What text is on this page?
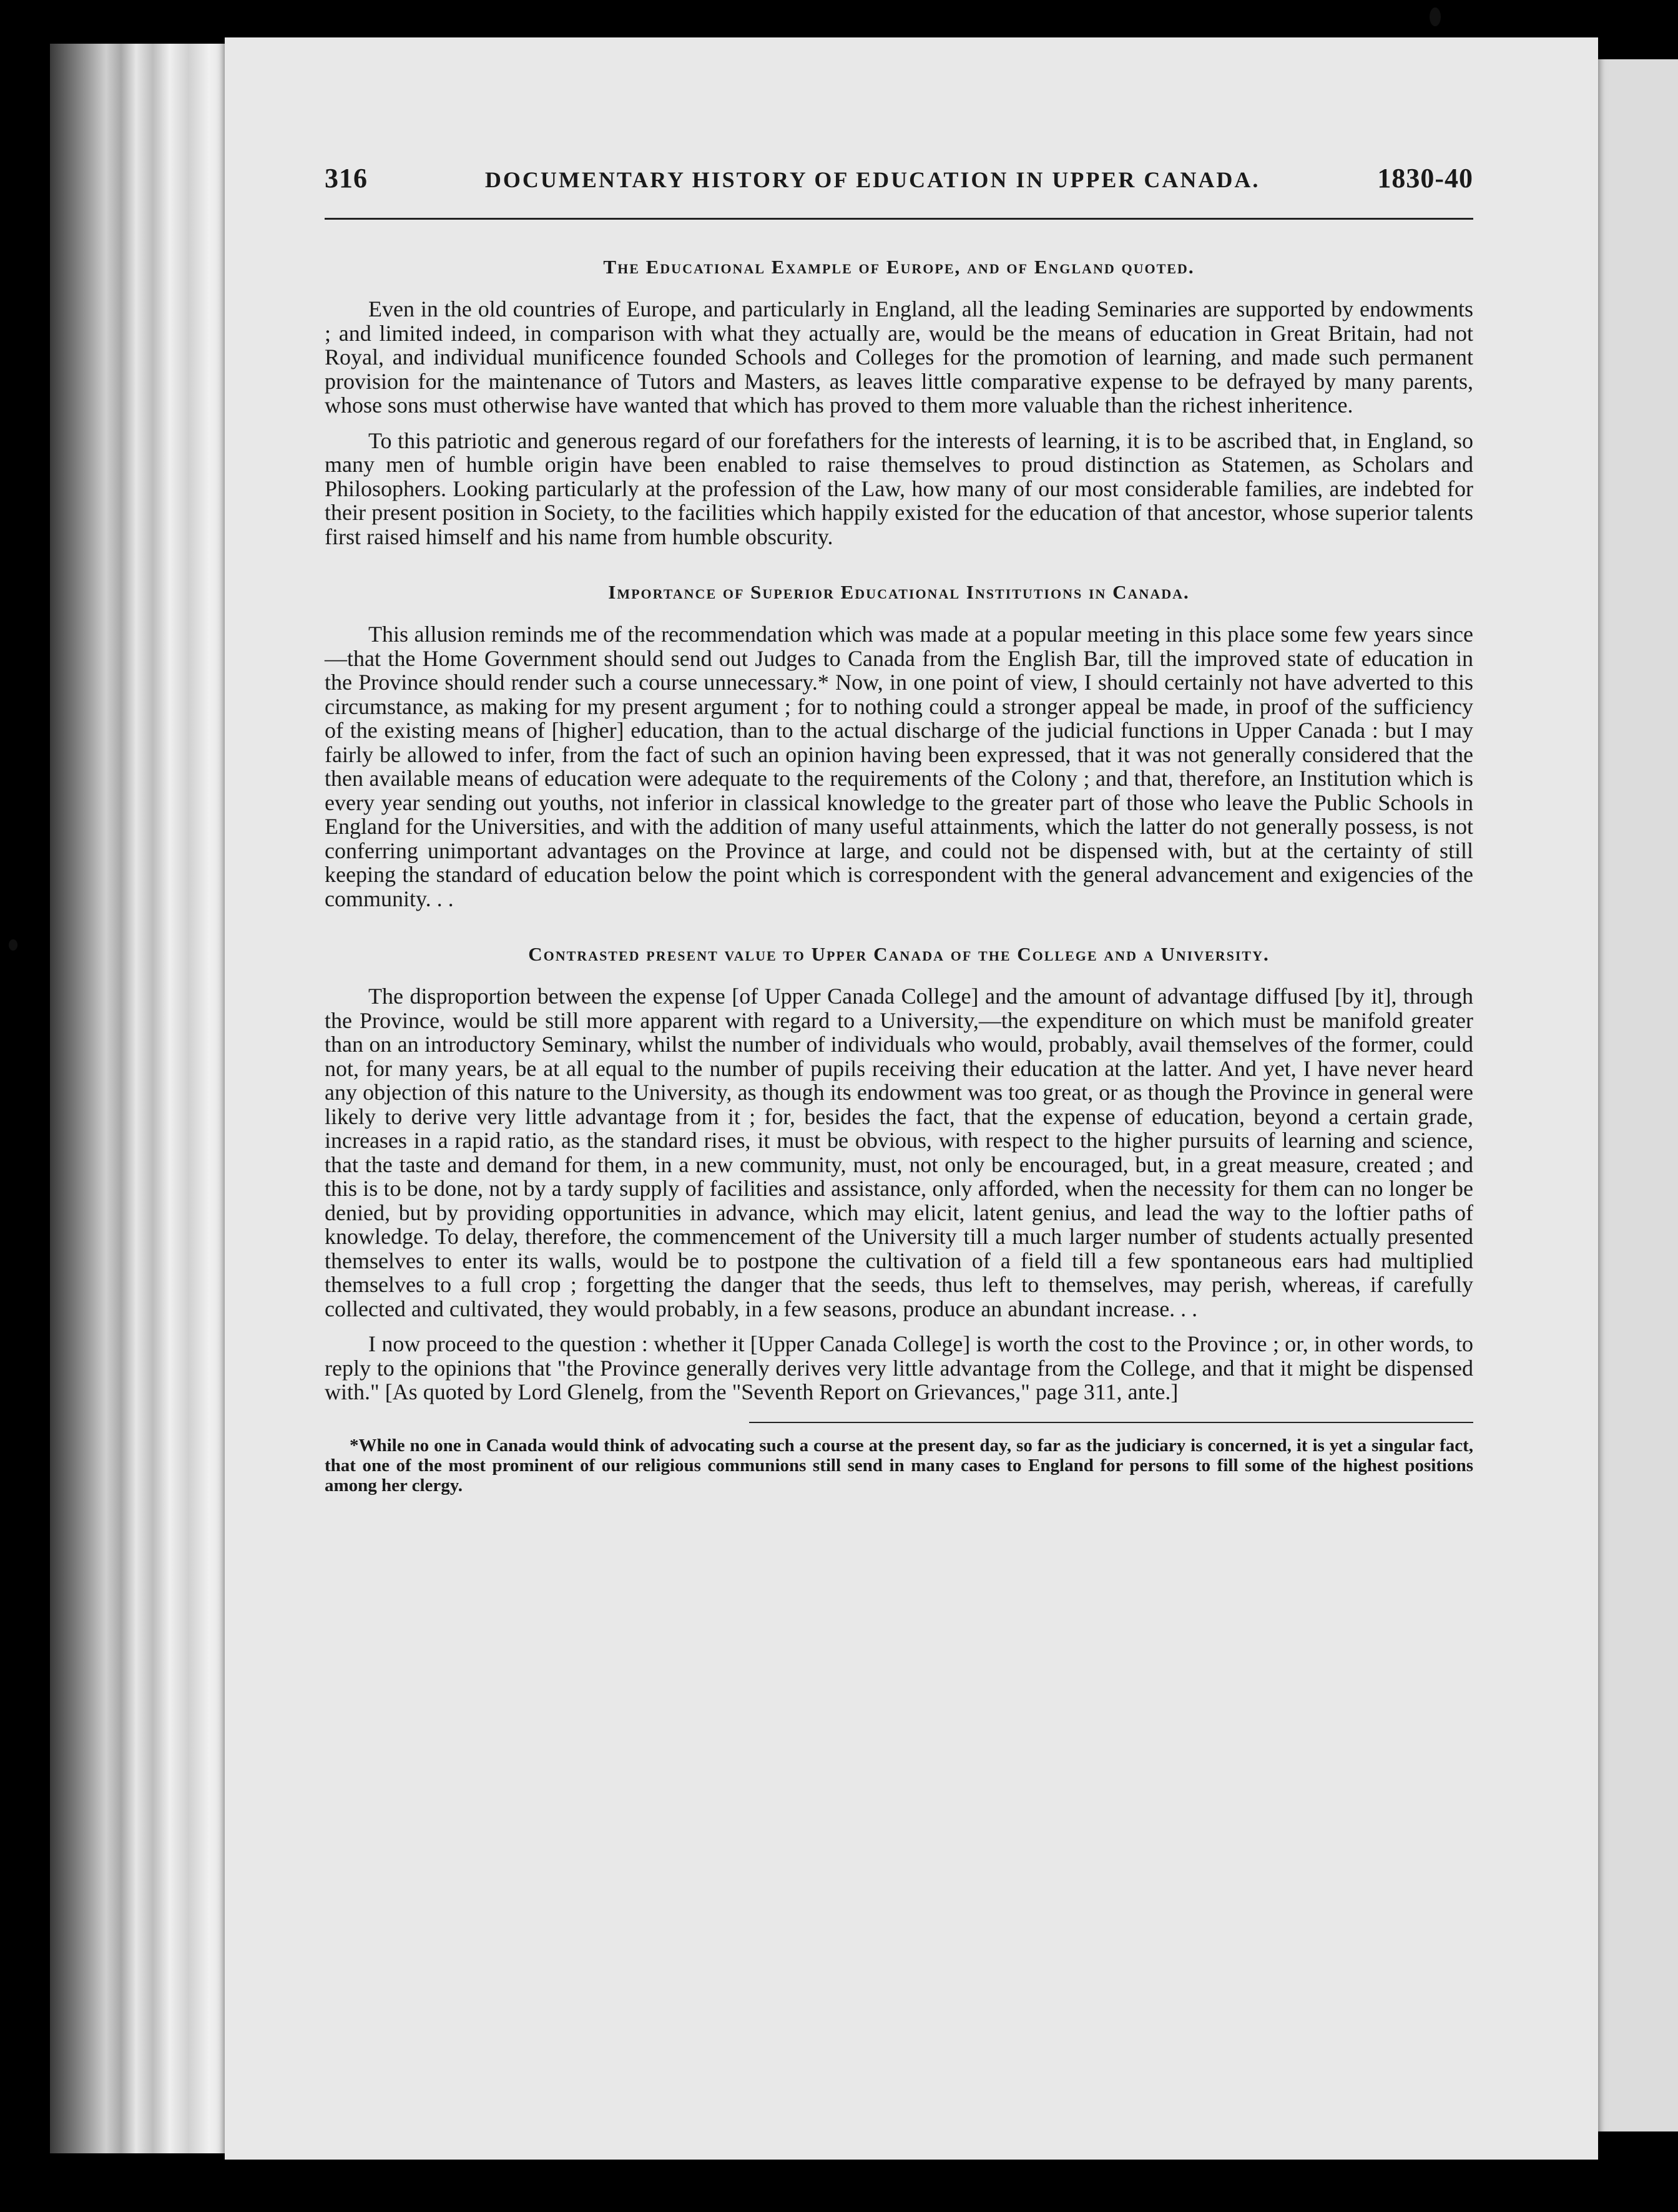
316	DOCUMENTARY HISTORY OF EDUCATION IN UPPER CANADA.	1830-40
The Educational Example of Europe, and of England quoted.

Even in the old countries of Europe, and particularly in England, all the leading Seminaries are supported by endowments ; and limited indeed, in comparison with what they actually are, would be the means of education in Great Britain, had not Royal, and individual munificence founded Schools and Colleges for the promotion of learning, and made such permanent provision for the maintenance of Tutors and Masters, as leaves little comparative expense to be defrayed by many parents, whose sons must otherwise have wanted that which has proved to them more valuable than the richest inheritence.

To this patriotic and generous regard of our forefathers for the interests of learning, it is to be ascribed that, in England, so many men of humble origin have been enabled to raise themselves to proud distinction as Statemen, as Scholars and Philosophers. Looking particularly at the profession of the Law, how many of our most considerable families, are indebted for their present position in Society, to the facilities which happily existed for the education of that ancestor, whose superior talents first raised himself and his name from humble obscurity.

Importance of Superior Educational Institutions in Canada.

This allusion reminds me of the recommendation which was made at a popular meeting in this place some few years since—that the Home Government should send out Judges to Canada from the English Bar, till the improved state of education in the Province should render such a course unnecessary.* Now, in one point of view, I should certainly not have adverted to this circumstance, as making for my present argument ; for to nothing could a stronger appeal be made, in proof of the sufficiency of the existing means of [higher] education, than to the actual discharge of the judicial functions in Upper Canada : but I may fairly be allowed to infer, from the fact of such an opinion having been expressed, that it was not generally considered that the then available means of education were adequate to the requirements of the Colony ; and that, therefore, an Institution which is every year sending out youths, not inferior in classical knowledge to the greater part of those who leave the Public Schools in England for the Universities, and with the addition of many useful attainments, which the latter do not generally possess, is not conferring unimportant advantages on the Province at large, and could not be dispensed with, but at the certainty of still keeping the standard of education below the point which is correspondent with the general advancement and exigencies of the community. . .

Contrasted present value to Upper Canada of the College and a University.

The disproportion between the expense [of Upper Canada College] and the amount of advantage diffused [by it], through the Province, would be still more apparent with regard to a University,—the expenditure on which must be manifold greater than on an introductory Seminary, whilst the number of individuals who would, probably, avail themselves of the former, could not, for many years, be at all equal to the number of pupils receiving their education at the latter. And yet, I have never heard any objection of this nature to the University, as though its endowment was too great, or as though the Province in general were likely to derive very little advantage from it ; for, besides the fact, that the expense of education, beyond a certain grade, increases in a rapid ratio, as the standard rises, it must be obvious, with respect to the higher pursuits of learning and science, that the taste and demand for them, in a new community, must, not only be encouraged, but, in a great measure, created ; and this is to be done, not by a tardy supply of facilities and assistance, only afforded, when the necessity for them can no longer be denied, but by providing opportunities in advance, which may elicit, latent genius, and lead the way to the loftier paths of knowledge. To delay, therefore, the commencement of the University till a much larger number of students actually presented themselves to enter its walls, would be to postpone the cultivation of a field till a few spontaneous ears had multiplied themselves to a full crop ; forgetting the danger that the seeds, thus left to themselves, may perish, whereas, if carefully collected and cultivated, they would probably, in a few seasons, produce an abundant increase. . .

I now proceed to the question : whether it [Upper Canada College] is worth the cost to the Province ; or, in other words, to reply to the opinions that "the Province generally derives very little advantage from the College, and that it might be dispensed with." [As quoted by Lord Glenelg, from the "Seventh Report on Grievances," page 311, ante.]

*While no one in Canada would think of advocating such a course at the present day, so far as the judiciary is concerned, it is yet a singular fact, that one of the most prominent of our religious communions still send in many cases to England for persons to fill some of the highest positions among her clergy.
